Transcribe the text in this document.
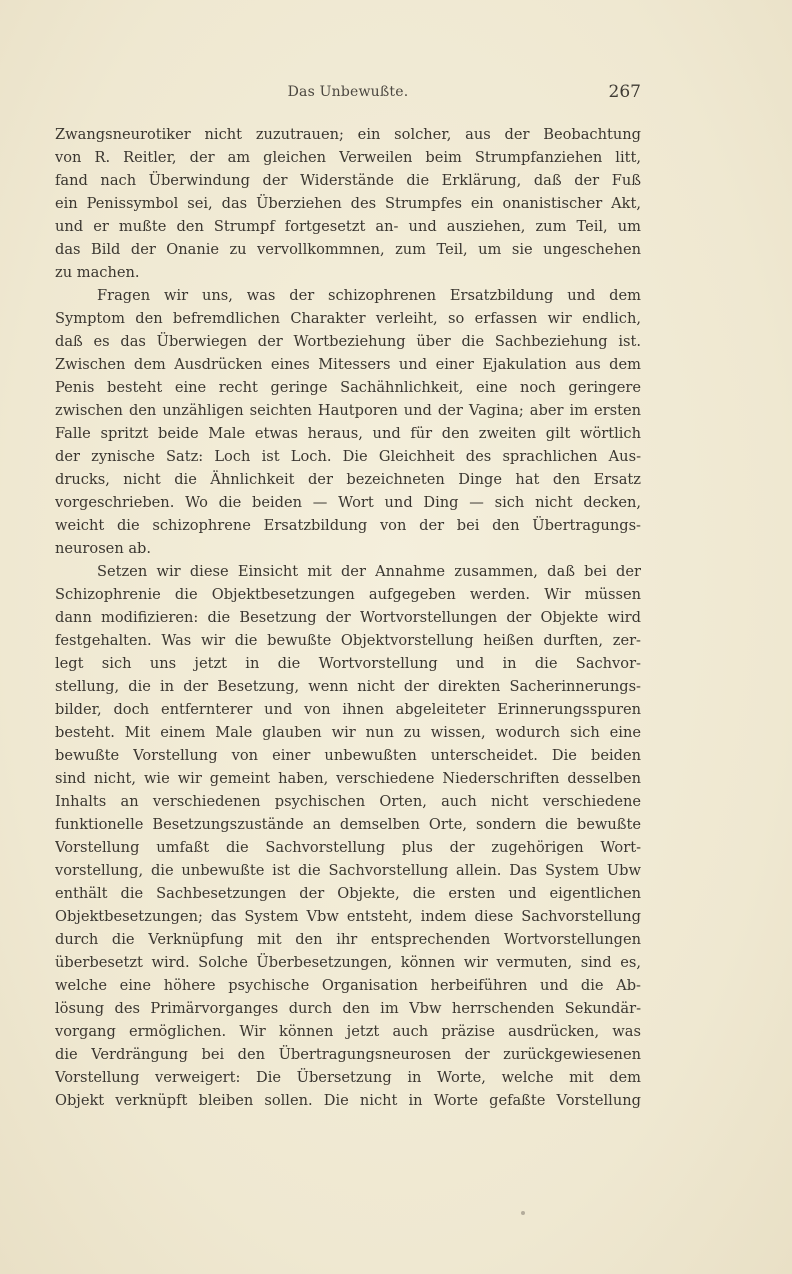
Das Unbewußte.	267
Zwangsneurotiker nicht zuzutrauen; ein solcher, aus der Beobachtung
von R. Reitler, der am gleichen Verweilen beim Strumpfanziehen litt,
fand nach Überwindung der Widerstände die Erklärung, daß der Fuß
ein Penissymbol sei, das Überziehen des Strumpfes ein onanistischer Akt,
und er mußte den Strumpf fortgesetzt an- und ausziehen, zum Teil, um
das Bild der Onanie zu vervollkommnen, zum Teil, um sie ungeschehen
zu machen.
Fragen wir uns, was der schizophrenen Ersatzbildung und dem
Symptom den befremdlichen Charakter verleiht, so erfassen wir endlich,
daß es das Überwiegen der Wortbeziehung über die Sachbeziehung ist.
Zwischen dem Ausdrücken eines Mitessers und einer Ejakulation aus dem
Penis besteht eine recht geringe Sachähnlichkeit, eine noch geringere
zwischen den unzähligen seichten Hautporen und der Vagina; aber im ersten
Falle spritzt beide Male etwas heraus, und für den zweiten gilt wörtlich
der zynische Satz: Loch ist Loch. Die Gleichheit des sprachlichen Aus-
drucks, nicht die Ähnlichkeit der bezeichneten Dinge hat den Ersatz
vorgeschrieben. Wo die beiden — Wort und Ding — sich nicht decken,
weicht die schizophrene Ersatzbildung von der bei den Übertragungs-
neurosen ab.
Setzen wir diese Einsicht mit der Annahme zusammen, daß bei der
Schizophrenie die Objektbesetzungen aufgegeben werden. Wir müssen
dann modifizieren: die Besetzung der Wortvorstellungen der Objekte wird
festgehalten. Was wir die bewußte Objektvorstellung heißen durften, zer-
legt sich uns jetzt in die Wortvorstellung und in die Sachvor-
stellung, die in der Besetzung, wenn nicht der direkten Sacherinnerungs-
bilder, doch entfernterer und von ihnen abgeleiteter Erinnerungsspuren
besteht. Mit einem Male glauben wir nun zu wissen, wodurch sich eine
bewußte Vorstellung von einer unbewußten unterscheidet. Die beiden
sind nicht, wie wir gemeint haben, verschiedene Niederschriften desselben
Inhalts an verschiedenen psychischen Orten, auch nicht verschiedene
funktionelle Besetzungszustände an demselben Orte, sondern die bewußte
Vorstellung umfaßt die Sachvorstellung plus der zugehörigen Wort-
vorstellung, die unbewußte ist die Sachvorstellung allein. Das System Ubw
enthält die Sachbesetzungen der Objekte, die ersten und eigentlichen
Objektbesetzungen; das System Vbw entsteht, indem diese Sachvorstellung
durch die Verknüpfung mit den ihr entsprechenden Wortvorstellungen
überbesetzt wird. Solche Überbesetzungen, können wir vermuten, sind es,
welche eine höhere psychische Organisation herbeiführen und die Ab-
lösung des Primärvorganges durch den im Vbw herrschenden Sekundär-
vorgang ermöglichen. Wir können jetzt auch präzise ausdrücken, was
die Verdrängung bei den Übertragungsneurosen der zurückgewiesenen
Vorstellung verweigert: Die Übersetzung in Worte, welche mit dem
Objekt verknüpft bleiben sollen. Die nicht in Worte gefaßte Vorstellung
